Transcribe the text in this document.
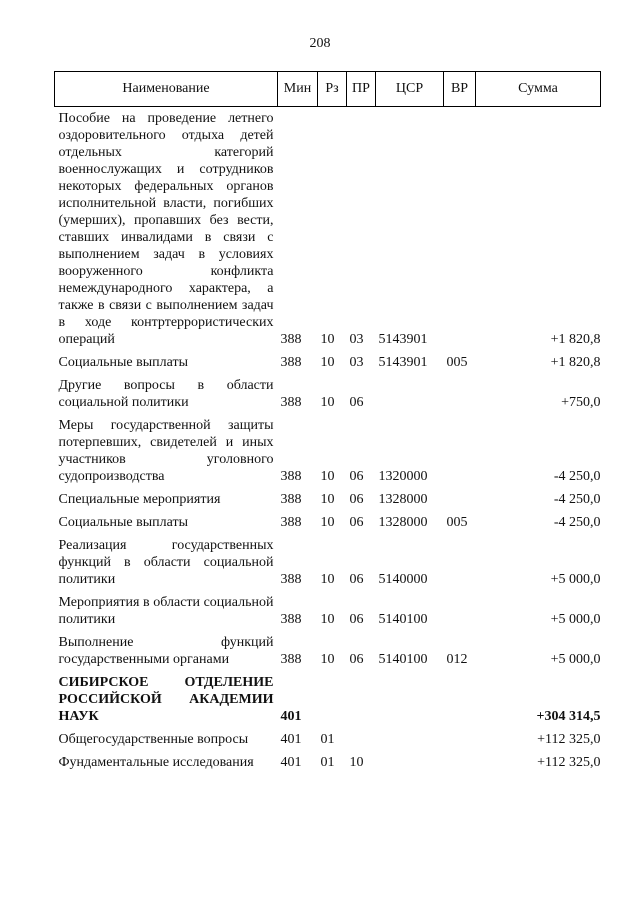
208
Наименование	Мин	Рз	ПР	ЦСР	ВР	Сумма

Пособие на проведение летнего оздоровительного отдыха детей отдельных категорий военнослужащих и сотрудников некоторых федеральных органов исполнительной власти, погибших (умерших), пропавших без вести, ставших инвалидами в связи с выполнением задач в условиях вооруженного конфликта немеждународного характера, а также в связи с выполнением задач в ходе контртеррористических операций	388	10	03	5143901		+1 820,8

Социальные выплаты	388	10	03	5143901	005	+1 820,8

Другие вопросы в области социальной политики	388	10	06			+750,0

Меры государственной защиты потерпевших, свидетелей и иных участников уголовного судопроизводства	388	10	06	1320000		-4 250,0

Специальные мероприятия	388	10	06	1328000		-4 250,0

Социальные выплаты	388	10	06	1328000	005	-4 250,0

Реализация государственных функций в области социальной политики	388	10	06	5140000		+5 000,0

Мероприятия в области социальной политики	388	10	06	5140100		+5 000,0

Выполнение функций государственными органами	388	10	06	5140100	012	+5 000,0

СИБИРСКОЕ ОТДЕЛЕНИЕ РОССИЙСКОЙ АКАДЕМИИ НАУК	401					+304 314,5

Общегосударственные вопросы	401	01				+112 325,0

Фундаментальные исследования	401	01	10			+112 325,0
